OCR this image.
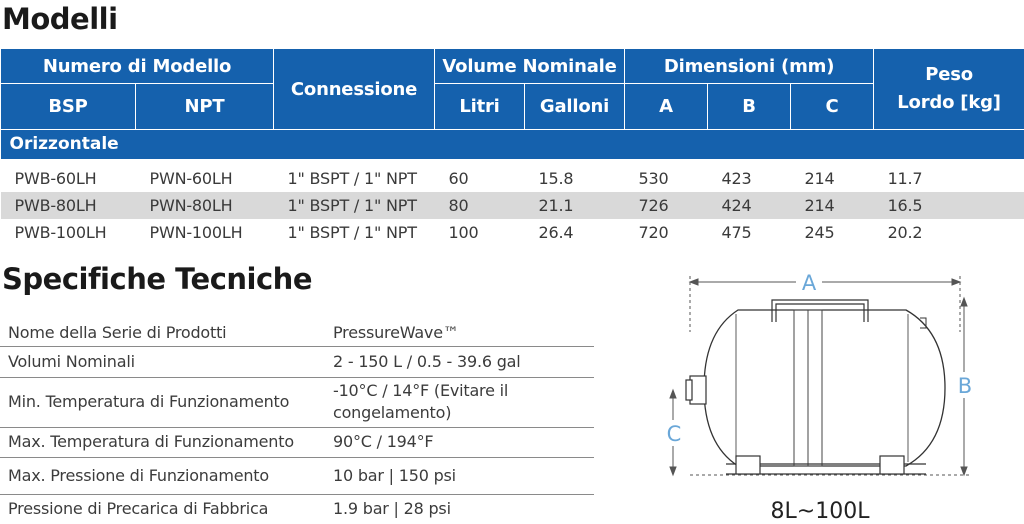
Modelli
Numero di Modello		Connessione	Volume Nominale		Dimensioni (mm)			Peso Lordo [kg]
BSP	NPT		Litri	Galloni	A	B	C	
Orizzontale								

PWB-60LH	PWN-60LH	1" BSPT / 1" NPT	60	15.8	530	423	214	11.7
PWB-80LH	PWN-80LH	1" BSPT / 1" NPT	80	21.1	726	424	214	16.5
PWB-100LH	PWN-100LH	1" BSPT / 1" NPT	100	26.4	720	475	245	20.2
Specifiche Tecniche
Nome della Serie di Prodotti	PressureWave™
Volumi Nominali	2 - 150 L / 0.5 - 39.6 gal
Min. Temperatura di Funzionamento	-10°C / 14°F (Evitare il congelamento)
Max. Temperatura di Funzionamento	90°C / 194°F
Max. Pressione di Funzionamento	10 bar | 150 psi
Pressione di Precarica di Fabbrica	1.9 bar | 28 psi
A
B
C
8L~100L
